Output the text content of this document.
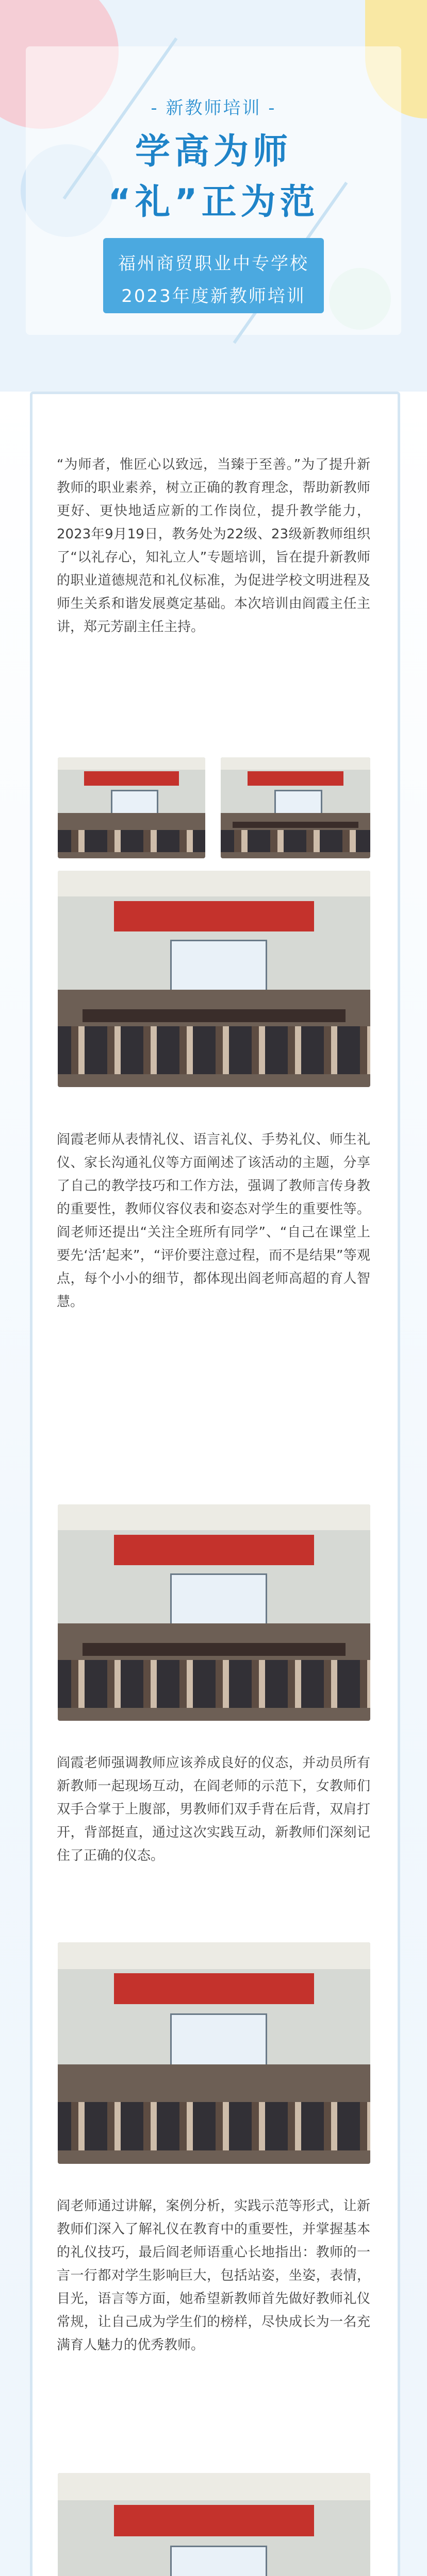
- 新教师培训 -
学高为师
“礼”正为范
福州商贸职业中专学校
2023年度新教师培训
“为师者，惟匠心以致远，当臻于至善。”为了提升新教师的职业素养，树立正确的教育理念，帮助新教师更好、更快地适应新的工作岗位，提升教学能力，2023年9月19日，教务处为22级、23级新教师组织了“以礼存心，知礼立人”专题培训，旨在提升新教师的职业道德规范和礼仪标准，为促进学校文明进程及师生关系和谐发展奠定基础。本次培训由阎霞主任主讲，郑元芳副主任主持。
阎霞老师从表情礼仪、语言礼仪、手势礼仪、师生礼仪、家长沟通礼仪等方面阐述了该活动的主题，分享了自己的教学技巧和工作方法，强调了教师言传身教的重要性，教师仪容仪表和姿态对学生的重要性等。阎老师还提出“关注全班所有同学”、“自己在课堂上要先‘活’起来”，“评价要注意过程，而不是结果”等观点，每个小小的细节，都体现出阎老师高超的育人智慧。
阎霞老师强调教师应该养成良好的仪态，并动员所有新教师一起现场互动，在阎老师的示范下，女教师们双手合掌于上腹部，男教师们双手背在后背，双肩打开，背部挺直，通过这次实践互动，新教师们深刻记住了正确的仪态。
阎老师通过讲解，案例分析，实践示范等形式，让新教师们深入了解礼仪在教育中的重要性，并掌握基本的礼仪技巧，最后阎老师语重心长地指出：教师的一言一行都对学生影响巨大，包括站姿，坐姿，表情，目光，语言等方面，她希望新教师首先做好教师礼仪常规，让自己成为学生们的榜样，尽快成长为一名充满育人魅力的优秀教师。
